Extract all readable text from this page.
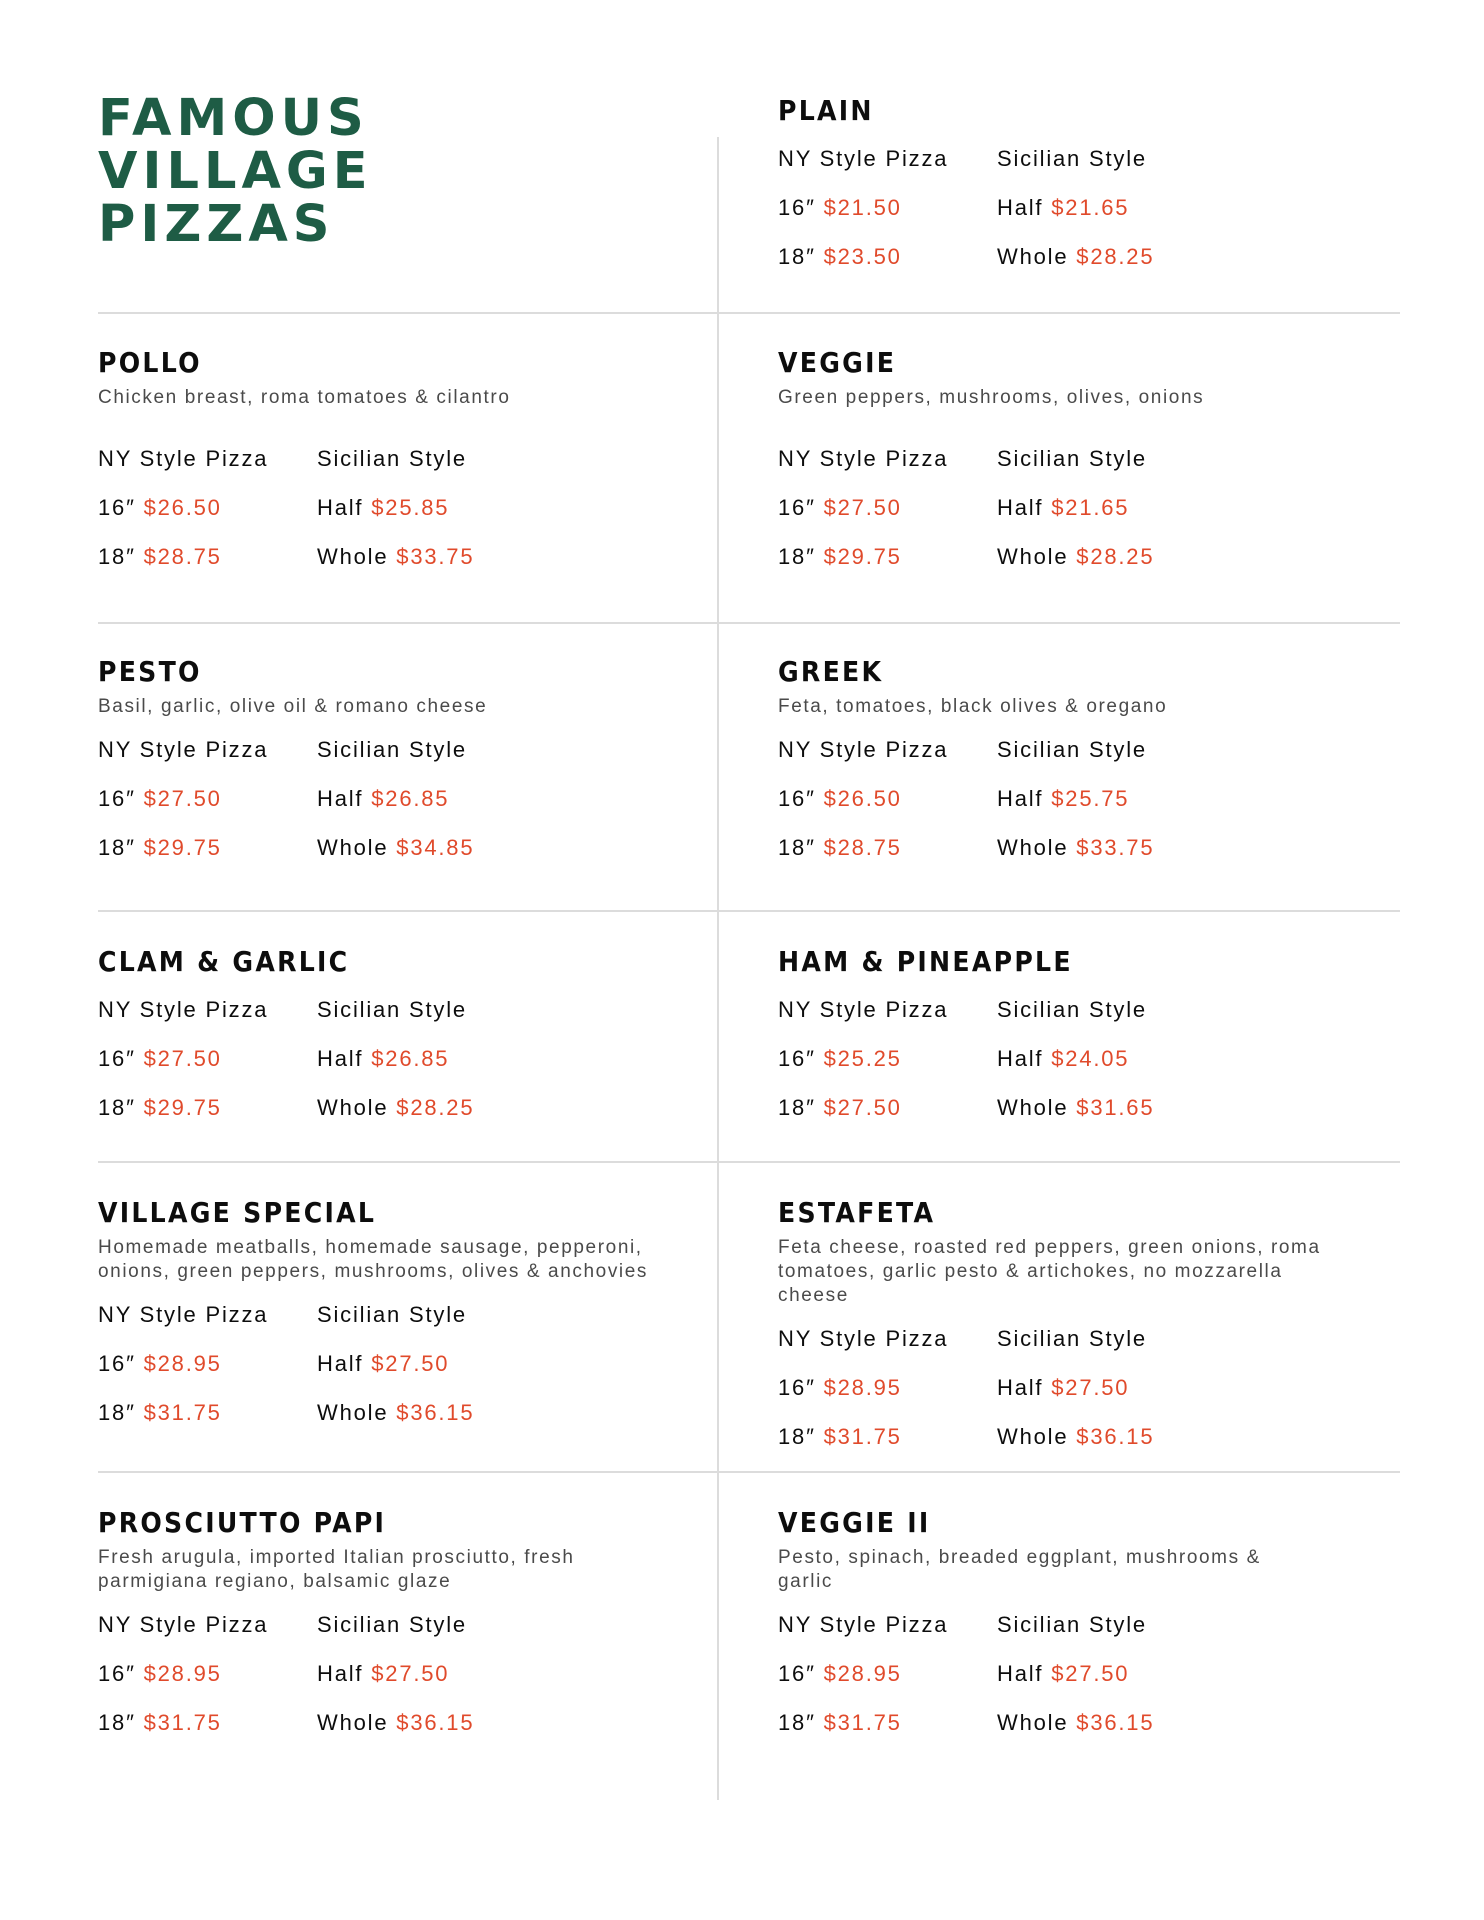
FAMOUS
VILLAGE
PIZZAS
PLAIN
NY Style Pizza	Sicilian Style
16″ $21.50	Half $21.65
18″ $23.50	Whole $28.25
POLLO

Chicken breast, roma tomatoes & cilantro

NY Style Pizza	Sicilian Style
16″ $26.50	Half $25.85
18″ $28.75	Whole $33.75
VEGGIE

Green peppers, mushrooms, olives, onions

NY Style Pizza	Sicilian Style
16″ $27.50	Half $21.65
18″ $29.75	Whole $28.25
PESTO

Basil, garlic, olive oil & romano cheese

NY Style Pizza	Sicilian Style
16″ $27.50	Half $26.85
18″ $29.75	Whole $34.85
GREEK

Feta, tomatoes, black olives & oregano

NY Style Pizza	Sicilian Style
16″ $26.50	Half $25.75
18″ $28.75	Whole $33.75
CLAM & GARLIC
NY Style Pizza	Sicilian Style
16″ $27.50	Half $26.85
18″ $29.75	Whole $28.25
HAM & PINEAPPLE
NY Style Pizza	Sicilian Style
16″ $25.25	Half $24.05
18″ $27.50	Whole $31.65
VILLAGE SPECIAL

Homemade meatballs, homemade sausage, pepperoni,
onions, green peppers, mushrooms, olives & anchovies

NY Style Pizza	Sicilian Style
16″ $28.95	Half $27.50
18″ $31.75	Whole $36.15
ESTAFETA

Feta cheese, roasted red peppers, green onions, roma
tomatoes, garlic pesto & artichokes, no mozzarella cheese

NY Style Pizza	Sicilian Style
16″ $28.95	Half $27.50
18″ $31.75	Whole $36.15
PROSCIUTTO PAPI

Fresh arugula, imported Italian prosciutto, fresh
parmigiana regiano, balsamic glaze

NY Style Pizza	Sicilian Style
16″ $28.95	Half $27.50
18″ $31.75	Whole $36.15
VEGGIE II

Pesto, spinach, breaded eggplant, mushrooms &
garlic

NY Style Pizza	Sicilian Style
16″ $28.95	Half $27.50
18″ $31.75	Whole $36.15
